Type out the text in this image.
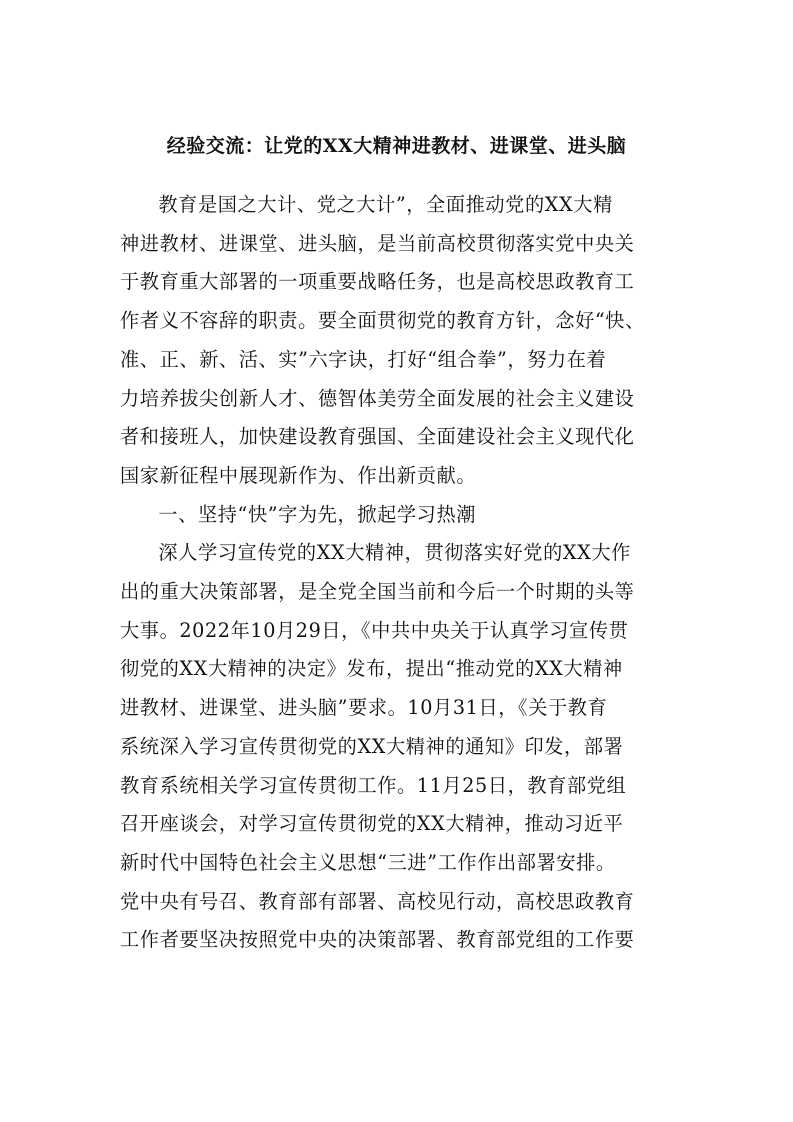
经验交流：让党的XX大精神进教材、进课堂、进头脑
教育是国之大计、党之大计”，全面推动党的XX大精
神进教材、进课堂、进头脑，是当前高校贯彻落实党中央关
于教育重大部署的一项重要战略任务，也是高校思政教育工
作者义不容辞的职责。要全面贯彻党的教育方针，念好“快、
准、正、新、活、实”六字诀，打好“组合拳”，努力在着
力培养拔尖创新人才、德智体美劳全面发展的社会主义建设
者和接班人，加快建设教育强国、全面建设社会主义现代化
国家新征程中展现新作为、作出新贡献。
一、坚持“快”字为先，掀起学习热潮
深人学习宣传党的XX大精神，贯彻落实好党的XX大作
出的重大决策部署，是全党全国当前和今后一个时期的头等
大事。2022年10月29日，《中共中央关于认真学习宣传贯
彻党的XX大精神的决定》发布，提出“推动党的XX大精神
进教材、进课堂、进头脑”要求。10月31日，《关于教育
系统深入学习宣传贯彻党的XX大精神的通知》印发，部署
教育系统相关学习宣传贯彻工作。11月25日，教育部党组
召开座谈会，对学习宣传贯彻党的XX大精神，推动习近平
新时代中国特色社会主义思想“三进”工作作出部署安排。
党中央有号召、教育部有部署、高校见行动，高校思政教育
工作者要坚决按照党中央的决策部署、教育部党组的工作要
